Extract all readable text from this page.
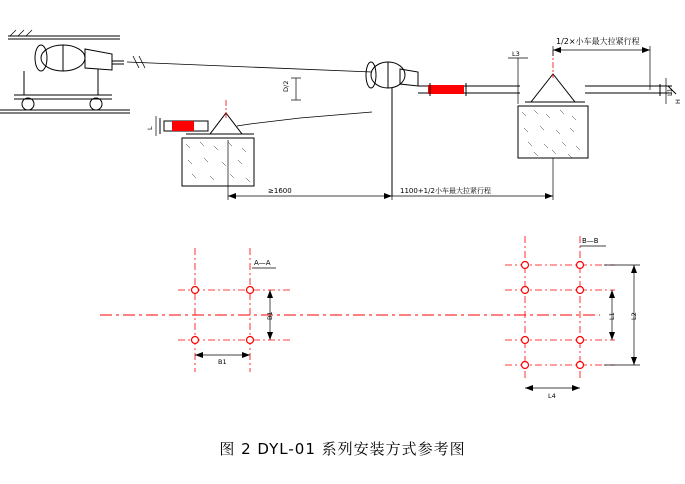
1/2×小车最大拉紧行程
≥1600	1100+1/2小车最大拉紧行程
D/2
L3
L1
L
H
B1
B1
A—A
L1 L2
L4
B—B
图 2 DYL-01 系列安装方式参考图
